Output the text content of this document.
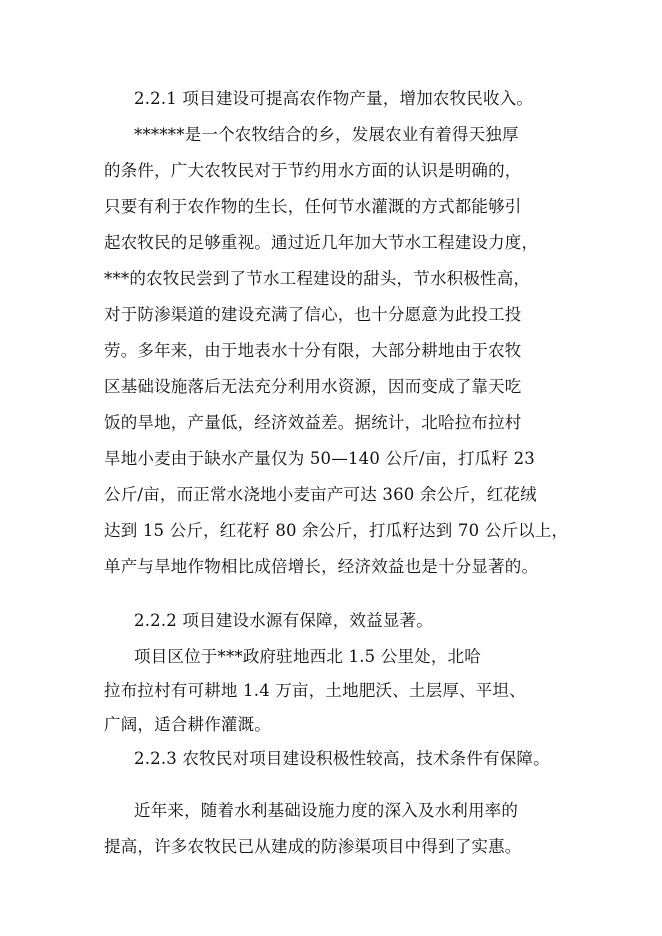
2.2.1 项目建设可提高农作物产量，增加农牧民收入。
******是一个农牧结合的乡，发展农业有着得天独厚
的条件，广大农牧民对于节约用水方面的认识是明确的，
只要有利于农作物的生长，任何节水灌溉的方式都能够引
起农牧民的足够重视。通过近几年加大节水工程建设力度，
***的农牧民尝到了节水工程建设的甜头，节水积极性高，
对于防渗渠道的建设充满了信心，也十分愿意为此投工投
劳。多年来，由于地表水十分有限，大部分耕地由于农牧
区基础设施落后无法充分利用水资源，因而变成了靠天吃
饭的旱地，产量低，经济效益差。据统计，北哈拉布拉村
旱地小麦由于缺水产量仅为 50—140 公斤/亩，打瓜籽 23
公斤/亩，而正常水浇地小麦亩产可达 360 余公斤，红花绒
达到 15 公斤，红花籽 80 余公斤，打瓜籽达到 70 公斤以上，
单产与旱地作物相比成倍增长，经济效益也是十分显著的。
2.2.2 项目建设水源有保障，效益显著。
项目区位于***政府驻地西北 1.5 公里处，北哈
拉布拉村有可耕地 1.4 万亩，土地肥沃、土层厚、平坦、
广阔，适合耕作灌溉。
2.2.3 农牧民对项目建设积极性较高，技术条件有保障。
近年来，随着水利基础设施力度的深入及水利用率的
提高，许多农牧民已从建成的防渗渠项目中得到了实惠。
